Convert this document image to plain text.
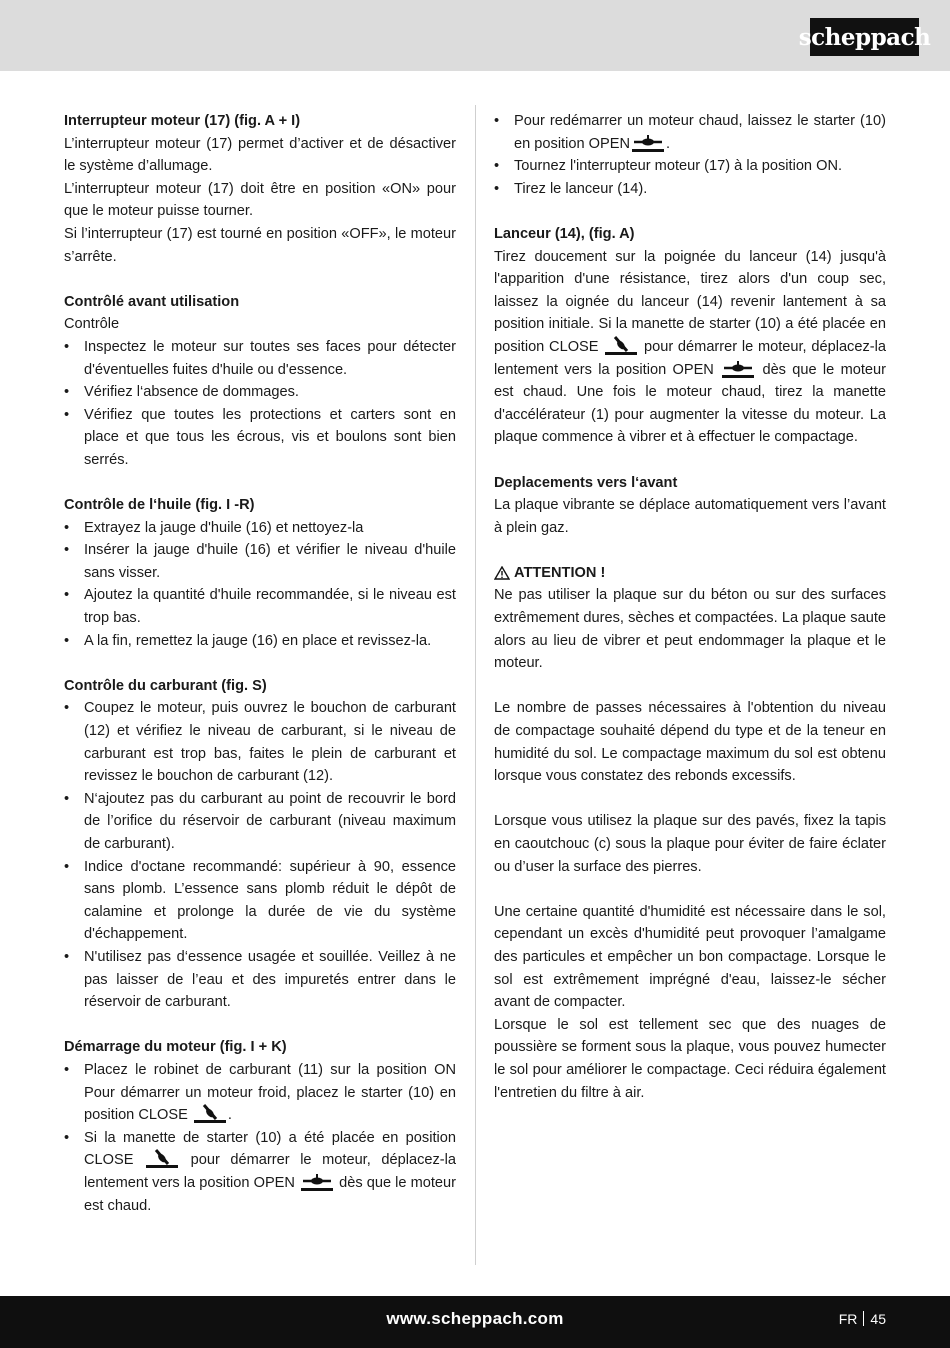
scheppach
Interrupteur moteur (17) (fig. A + I)

L’interrupteur moteur (17) permet d’activer et de désactiver le système d’allumage.

L’interrupteur moteur (17) doit être en position «ON» pour que le moteur puisse tourner.

Si l’interrupteur (17) est tourné en position «OFF», le moteur s’arrête.

Contrôlé avant utilisation

Contrôle

• Inspectez le moteur sur toutes ses faces pour détecter d'éventuelles fuites d'huile ou d'essence.
• Vérifiez l‘absence de dommages.
• Vérifiez que toutes les protections et carters sont en place et que tous les écrous, vis et boulons sont bien serrés.
Contrôle de l‘huile (fig. I -R)
• Extrayez la jauge d'huile (16) et nettoyez-la
• Insérer la jauge d'huile (16) et vérifier le niveau d'huile sans visser.
• Ajoutez la quantité d'huile recommandée, si le niveau est trop bas.
• A la fin, remettez la jauge (16) en place et revissez-la.
Contrôle du carburant (fig. S)
• Coupez le moteur, puis ouvrez le bouchon de carburant (12) et vérifiez le niveau de carburant, si le niveau de carburant est trop bas, faites le plein de carburant et revissez le bouchon de carburant (12).
• N‘ajoutez pas du carburant au point de recouvrir le bord de l’orifice du réservoir de carburant (niveau maximum de carburant).
• Indice d'octane recommandé: supérieur à 90, essence sans plomb. L’essence sans plomb réduit le dépôt de calamine et prolonge la durée de vie du système d'échappement.
• N'utilisez pas d‘essence usagée et souillée. Veillez à ne pas laisser de l’eau et des impuretés entrer dans le réservoir de carburant.
Démarrage du moteur (fig. I + K)
• Placez le robinet de carburant (11) sur la position ON Pour démarrer un moteur froid, placez le starter (10) en position CLOSE	.
• Si la manette de starter (10) a été placée en position CLOSE	pour démarrer le moteur, déplacez-la lentement vers la position OPEN	dès que le moteur est chaud.
• Pour redémarrer un moteur chaud, laissez le starter (10) en position OPEN .
• Tournez l'interrupteur moteur (17) à la position ON.
• Tirez le lanceur (14).
Lanceur (14), (fig. A)

Tirez doucement sur la poignée du lanceur (14) jusqu'à l'apparition d'une résistance, tirez alors d'un coup sec, laissez la oignée du lanceur (14) revenir lantement à sa position initiale. Si la manette de starter (10) a été placée en position CLOSE	pour démarrer le moteur, déplacez-la lentement vers la position OPEN	dès que le moteur est chaud. Une fois le moteur chaud, tirez la manette d'accélérateur (1) pour augmenter la vitesse du moteur. La plaque commence à vibrer et à effectuer le compactage.

Deplacements vers l‘avant

La plaque vibrante se déplace automatiquement vers l’avant à plein gaz.

ATTENTION !

Ne pas utiliser la plaque sur du béton ou sur des surfaces extrêmement dures, sèches et compactées. La plaque saute alors au lieu de vibrer et peut endommager la plaque et le moteur.

Le nombre de passes nécessaires à l'obtention du niveau de compactage souhaité dépend du type et de la teneur en humidité du sol. Le compactage maximum du sol est obtenu lorsque vous constatez des rebonds excessifs.

Lorsque vous utilisez la plaque sur des pavés, fixez la tapis en caoutchouc (c) sous la plaque pour éviter de faire éclater ou d’user la surface des pierres.

Une certaine quantité d'humidité est nécessaire dans le sol, cependant un excès d'humidité peut provoquer l’amalgame des particules et empêcher un bon compactage. Lorsque le sol est extrêmement imprégné d'eau, laissez-le sécher avant de compacter.

Lorsque le sol est tellement sec que des nuages de poussière se forment sous la plaque, vous pouvez humecter le sol pour améliorer le compactage. Ceci réduira également l'entretien du filtre à air.

www.scheppach.com	FR 45
